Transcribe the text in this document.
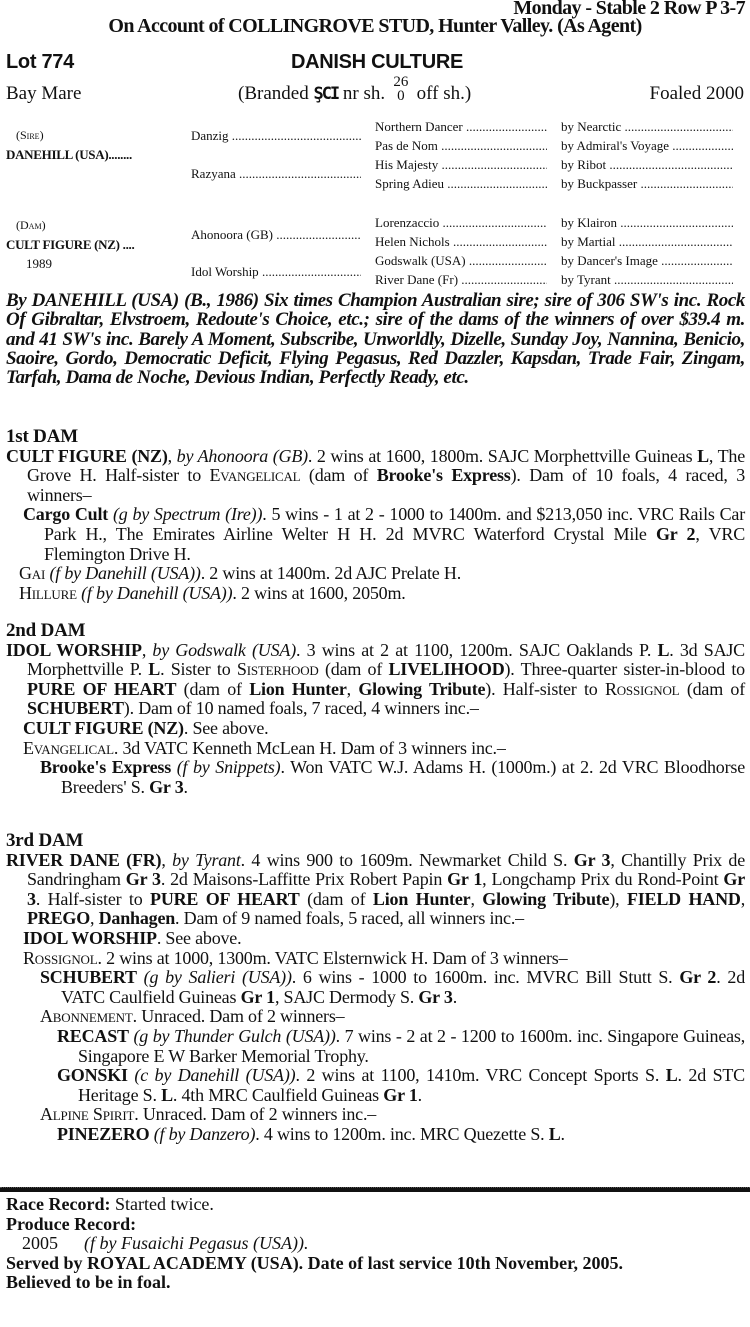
Monday - Stable 2 Row P 3-7
On Account of COLLINGROVE STUD, Hunter Valley. (As Agent)
Lot 774	DANISH CULTURE
Bay Mare	(Branded ŞCI nr sh.
26
0 off sh.)	Foaled 2000
(Sire)
DANEHILL (USA)........
Danzig .....
Razyana .....
Northern Dancer .....	by Nearctic .....
Pas de Nom .....	by Admiral's Voyage .....
His Majesty .....	by Ribot .....
Spring Adieu .....	by Buckpasser .....
(Dam)
CULT FIGURE (NZ) ....
1989
Ahonoora (GB) .....
Idol Worship .....
Lorenzaccio .....	by Klairon .....
Helen Nichols .....	by Martial .....
Godswalk (USA) .....	by Dancer's Image .....
River Dane (Fr) .....	by Tyrant .....
By DANEHILL (USA) (B., 1986) Six times Champion Australian sire; sire of 306 SW's inc. Rock Of Gibraltar, Elvstroem, Redoute's Choice, etc.; sire of the dams of the winners of over $39.4 m. and 41 SW's inc. Barely A Moment, Subscribe, Unworldly, Dizelle, Sunday Joy, Nannina, Benicio, Saoire, Gordo, Democratic Deficit, Flying Pegasus, Red Dazzler, Kapsdan, Trade Fair, Zingam, Tarfah, Dama de Noche, Devious Indian, Perfectly Ready, etc.
1st DAM
CULT FIGURE (NZ), by Ahonoora (GB). 2 wins at 1600, 1800m. SAJC Morphettville Guineas L, The Grove H. Half-sister to Evangelical (dam of Brooke's Express). Dam of 10 foals, 4 raced, 3 winners–
Cargo Cult (g by Spectrum (Ire)). 5 wins - 1 at 2 - 1000 to 1400m. and $213,050 inc. VRC Rails Car Park H., The Emirates Airline Welter H H. 2d MVRC Waterford Crystal Mile Gr 2, VRC Flemington Drive H.
Gai (f by Danehill (USA)). 2 wins at 1400m. 2d AJC Prelate H.
Hillure (f by Danehill (USA)). 2 wins at 1600, 2050m.
2nd DAM
IDOL WORSHIP, by Godswalk (USA). 3 wins at 2 at 1100, 1200m. SAJC Oaklands P. L. 3d SAJC Morphettville P. L. Sister to Sisterhood (dam of LIVELIHOOD). Three-quarter sister-in-blood to PURE OF HEART (dam of Lion Hunter, Glowing Tribute). Half-sister to Rossignol (dam of SCHUBERT). Dam of 10 named foals, 7 raced, 4 winners inc.–
CULT FIGURE (NZ). See above.
Evangelical. 3d VATC Kenneth McLean H. Dam of 3 winners inc.–
Brooke's Express (f by Snippets). Won VATC W.J. Adams H. (1000m.) at 2. 2d VRC Bloodhorse Breeders' S. Gr 3.
3rd DAM
RIVER DANE (FR), by Tyrant. 4 wins 900 to 1609m. Newmarket Child S. Gr 3, Chantilly Prix de Sandringham Gr 3. 2d Maisons-Laffitte Prix Robert Papin Gr 1, Longchamp Prix du Rond-Point Gr 3. Half-sister to PURE OF HEART (dam of Lion Hunter, Glowing Tribute), FIELD HAND, PREGO, Danhagen. Dam of 9 named foals, 5 raced, all winners inc.–
IDOL WORSHIP. See above.
Rossignol. 2 wins at 1000, 1300m. VATC Elsternwick H. Dam of 3 winners–
SCHUBERT (g by Salieri (USA)). 6 wins - 1000 to 1600m. inc. MVRC Bill Stutt S. Gr 2. 2d VATC Caulfield Guineas Gr 1, SAJC Dermody S. Gr 3.
Abonnement. Unraced. Dam of 2 winners–
RECAST (g by Thunder Gulch (USA)). 7 wins - 2 at 2 - 1200 to 1600m. inc. Singapore Guineas, Singapore E W Barker Memorial Trophy.
GONSKI (c by Danehill (USA)). 2 wins at 1100, 1410m. VRC Concept Sports S. L. 2d STC Heritage S. L. 4th MRC Caulfield Guineas Gr 1.
Alpine Spirit. Unraced. Dam of 2 winners inc.–
PINEZERO (f by Danzero). 4 wins to 1200m. inc. MRC Quezette S. L.
Race Record: Started twice.
Produce Record:
2005 (f by Fusaichi Pegasus (USA)).
Served by ROYAL ACADEMY (USA). Date of last service 10th November, 2005.
Believed to be in foal.
